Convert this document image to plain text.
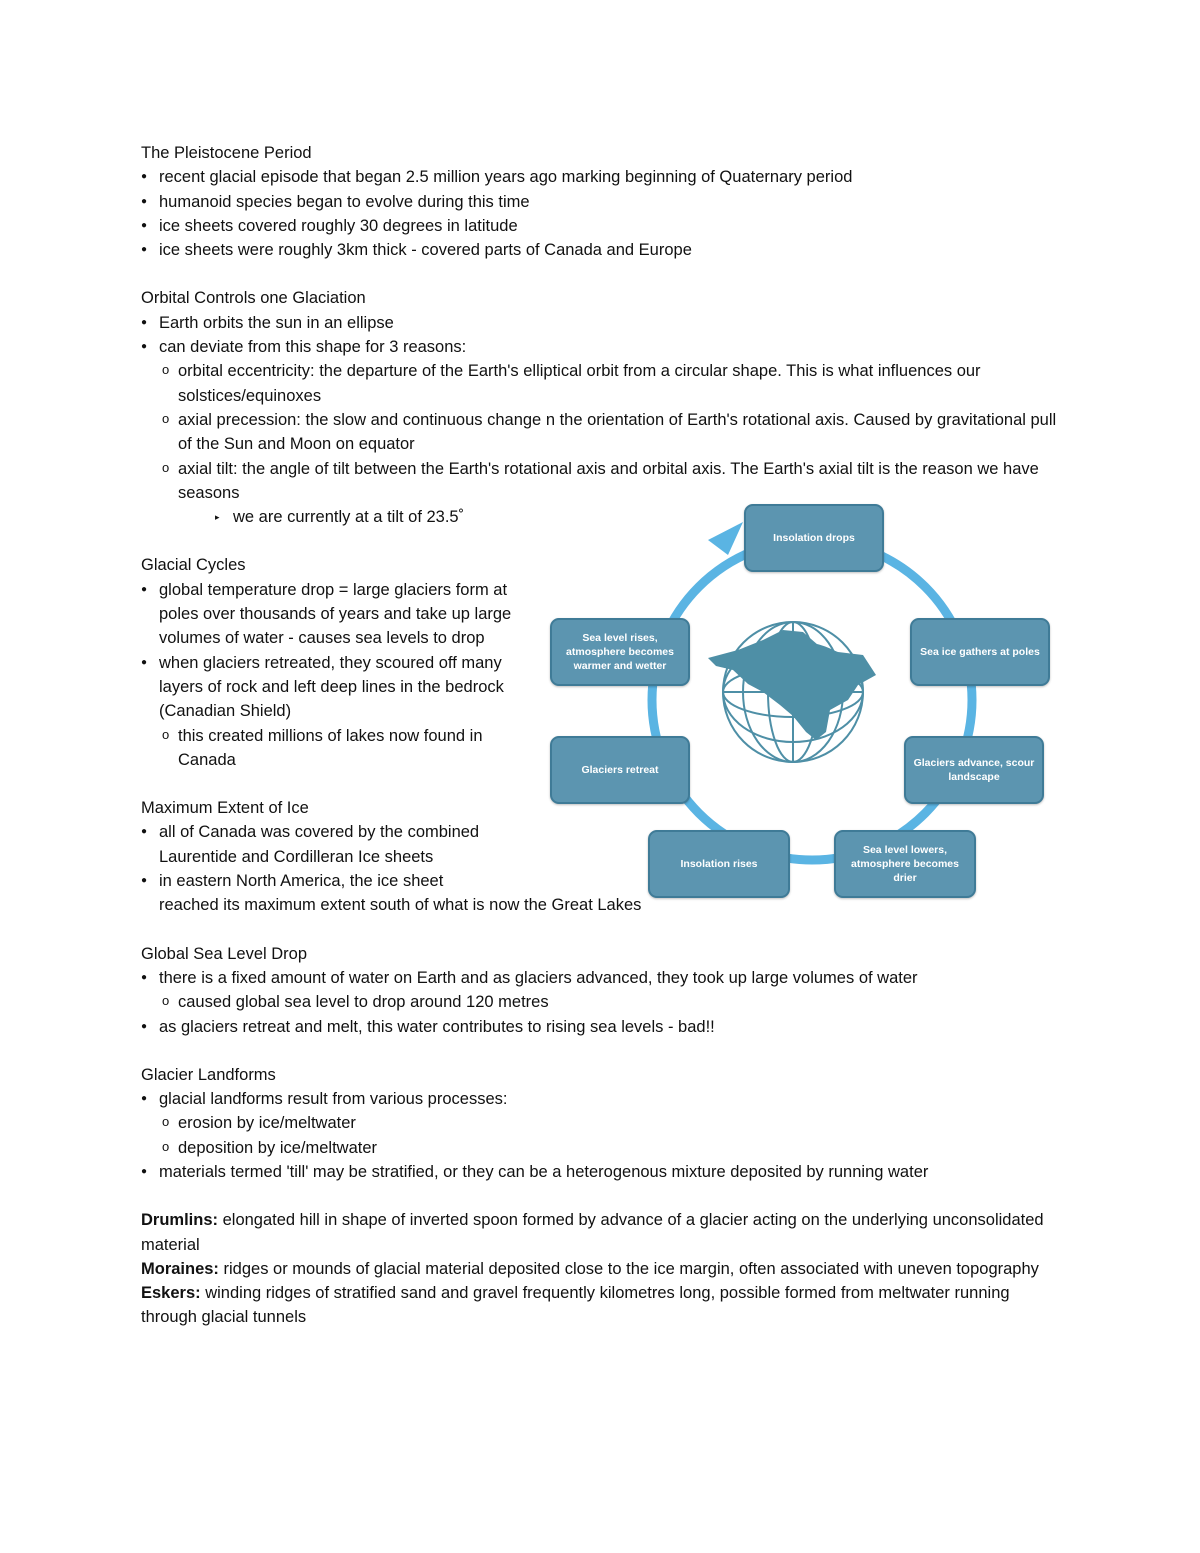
The Pleistocene Period
● recent glacial episode that began 2.5 million years ago marking beginning of Quaternary period
● humanoid species began to evolve during this time
● ice sheets covered roughly 30 degrees in latitude
● ice sheets were roughly 3km thick - covered parts of Canada and Europe
Orbital Controls one Glaciation
● Earth orbits the sun in an ellipse
● can deviate from this shape for 3 reasons:
o orbital eccentricity: the departure of the Earth's elliptical orbit from a circular shape. This is what influences our solstices/equinoxes
o axial precession: the slow and continuous change n the orientation of Earth's rotational axis. Caused by gravitational pull of the Sun and Moon on equator
o axial tilt: the angle of tilt between the Earth's rotational axis and orbital axis. The Earth's axial tilt is the reason we have seasons
▸ we are currently at a tilt of 23.5˚
Glacial Cycles
● global temperature drop = large glaciers form at poles over thousands of years and take up large volumes of water - causes sea levels to drop
● when glaciers retreated, they scoured off many layers of rock and left deep lines in the bedrock (Canadian Shield)
o this created millions of lakes now found in Canada
Maximum Extent of Ice
● all of Canada was covered by the combined Laurentide and Cordilleran Ice sheets
● in eastern North America, the ice sheet
reached its maximum extent south of what is now the Great Lakes
Global Sea Level Drop
● there is a fixed amount of water on Earth and as glaciers advanced, they took up large volumes of water
o caused global sea level to drop around 120 metres
● as glaciers retreat and melt, this water contributes to rising sea levels - bad!!
Glacier Landforms
● glacial landforms result from various processes:
o erosion by ice/meltwater
o deposition by ice/meltwater
● materials termed 'till' may be stratified, or they can be a heterogenous mixture deposited by running water

Drumlins: elongated hill in shape of inverted spoon formed by advance of a glacier acting on the underlying unconsolidated material

Moraines: ridges or mounds of glacial material deposited close to the ice margin, often associated with uneven topography

Eskers: winding ridges of stratified sand and gravel frequently kilometres long, possible formed from meltwater running through glacial tunnels

Insolation drops
Sea ice gathers at poles
Glaciers advance, scour landscape
Sea level lowers, atmosphere becomes drier
Insolation rises
Glaciers retreat
Sea level rises, atmosphere becomes warmer and wetter
